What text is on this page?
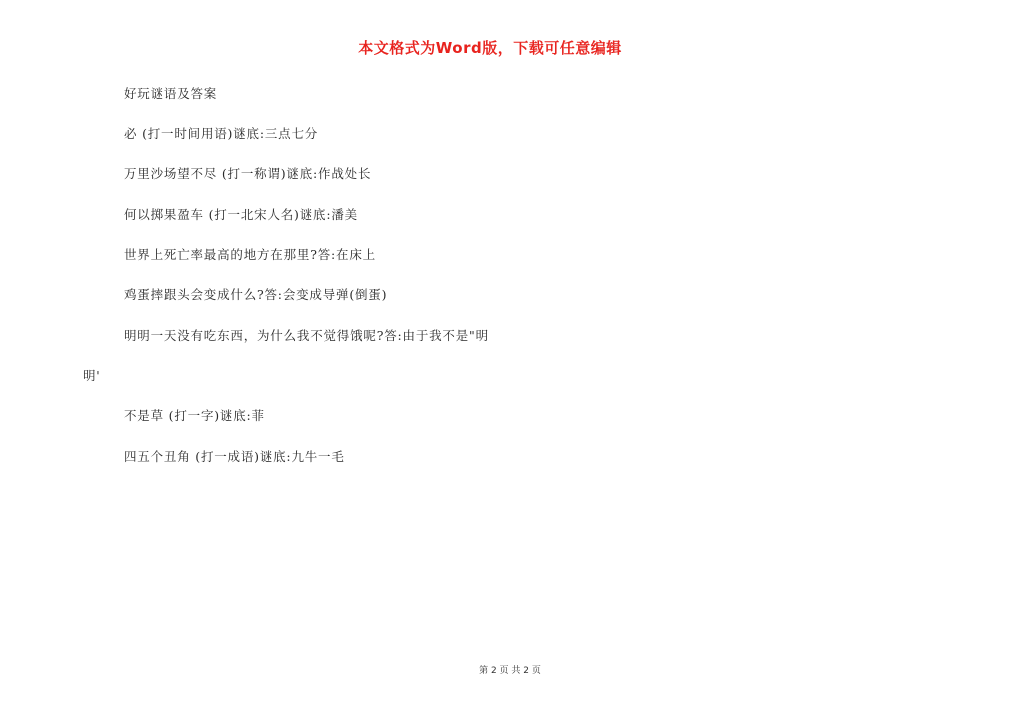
本文格式为Word版，下载可任意编辑
好玩谜语及答案
必 (打一时间用语)谜底:三点七分
万里沙场望不尽 (打一称谓)谜底:作战处长
何以掷果盈车 (打一北宋人名)谜底:潘美
世界上死亡率最高的地方在那里?答:在床上
鸡蛋摔跟头会变成什么?答:会变成导弹(倒蛋)
明明一天没有吃东西，为什么我不觉得饿呢?答:由于我不是"明
明'
不是草 (打一字)谜底:菲
四五个丑角 (打一成语)谜底:九牛一毛
第 2 页 共 2 页
